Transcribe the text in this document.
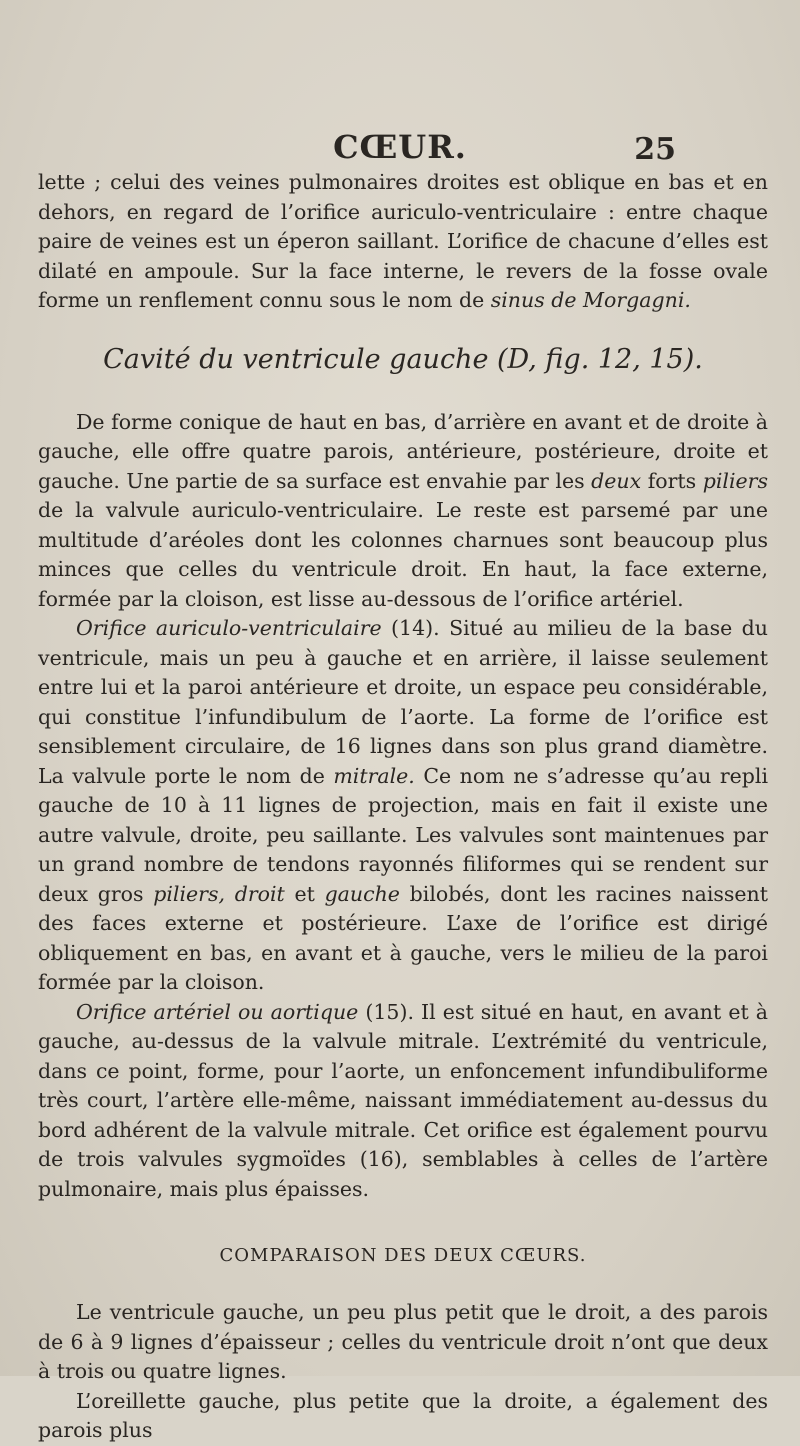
CŒUR.	25

lette ; celui des veines pulmonaires droites est oblique en bas et en dehors, en regard de l’orifice auriculo-ventriculaire : entre chaque paire de veines est un éperon saillant. L’orifice de chacune d’elles est dilaté en ampoule. Sur la face interne, le revers de la fosse ovale forme un renflement connu sous le nom de sinus de Morgagni.

Cavité du ventricule gauche (D, fig. 12, 15).

De forme conique de haut en bas, d’arrière en avant et de droite à gauche, elle offre quatre parois, antérieure, postérieure, droite et gauche. Une partie de sa surface est envahie par les deux forts piliers de la valvule auriculo-ventriculaire. Le reste est parsemé par une multitude d’aréoles dont les colonnes charnues sont beaucoup plus minces que celles du ventricule droit. En haut, la face externe, formée par la cloison, est lisse au-dessous de l’orifice artériel.

Orifice auriculo-ventriculaire (14). Situé au milieu de la base du ventricule, mais un peu à gauche et en arrière, il laisse seulement entre lui et la paroi antérieure et droite, un espace peu considérable, qui constitue l’infundibulum de l’aorte. La forme de l’orifice est sensiblement circulaire, de 16 lignes dans son plus grand diamètre. La valvule porte le nom de mitrale. Ce nom ne s’adresse qu’au repli gauche de 10 à 11 lignes de projection, mais en fait il existe une autre valvule, droite, peu saillante. Les valvules sont maintenues par un grand nombre de tendons rayonnés filiformes qui se rendent sur deux gros piliers, droit et gauche bilobés, dont les racines naissent des faces externe et postérieure. L’axe de l’orifice est dirigé obliquement en bas, en avant et à gauche, vers le milieu de la paroi formée par la cloison.

Orifice artériel ou aortique (15). Il est situé en haut, en avant et à gauche, au-dessus de la valvule mitrale. L’extrémité du ventricule, dans ce point, forme, pour l’aorte, un enfoncement infundibuliforme très court, l’artère elle-même, naissant immédiatement au-dessus du bord adhérent de la valvule mitrale. Cet orifice est également pourvu de trois valvules sygmoïdes (16), semblables à celles de l’artère pulmonaire, mais plus épaisses.

COMPARAISON DES DEUX CŒURS.

Le ventricule gauche, un peu plus petit que le droit, a des parois de 6 à 9 lignes d’épaisseur ; celles du ventricule droit n’ont que deux à trois ou quatre lignes.

L’oreillette gauche, plus petite que la droite, a également des parois plus
